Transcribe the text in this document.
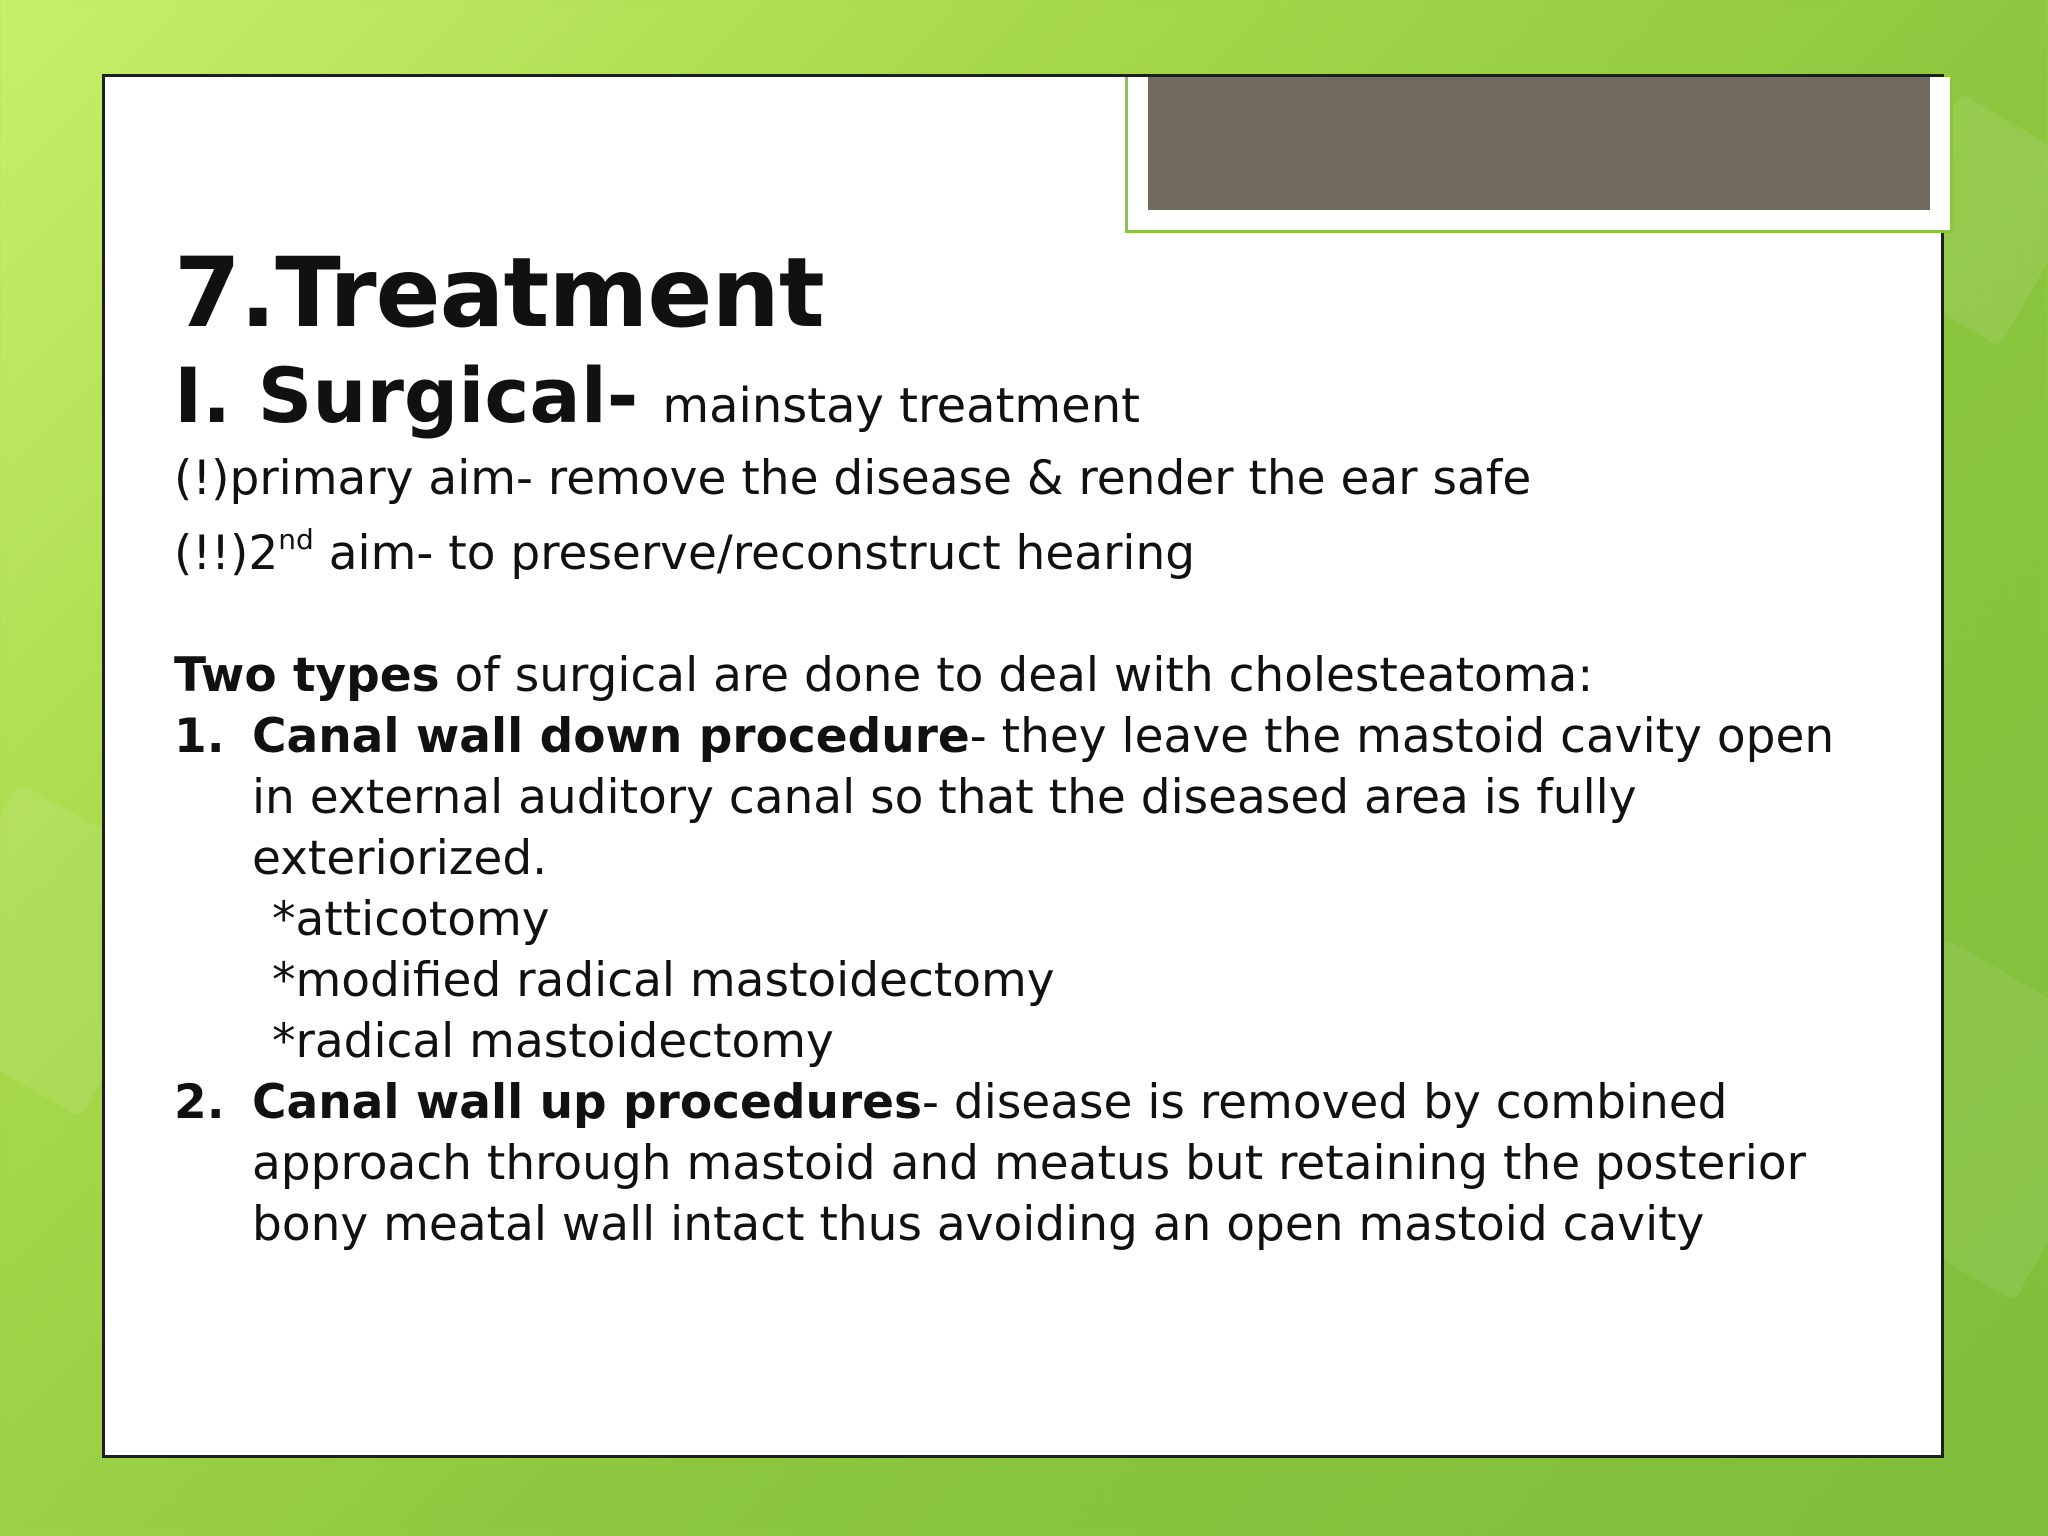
7.Treatment
I. Surgical- mainstay treatment
(!)primary aim- remove the disease & render the ear safe
(!!)2nd aim- to preserve/reconstruct hearing
Two types of surgical are done to deal with cholesteatoma:
1. Canal wall down procedure- they leave the mastoid cavity open in external auditory canal so that the diseased area is fully exteriorized.
*atticotomy
*modified radical mastoidectomy
*radical mastoidectomy
2. Canal wall up procedures- disease is removed by combined approach through mastoid and meatus but retaining the posterior bony meatal wall intact thus avoiding an open mastoid cavity
